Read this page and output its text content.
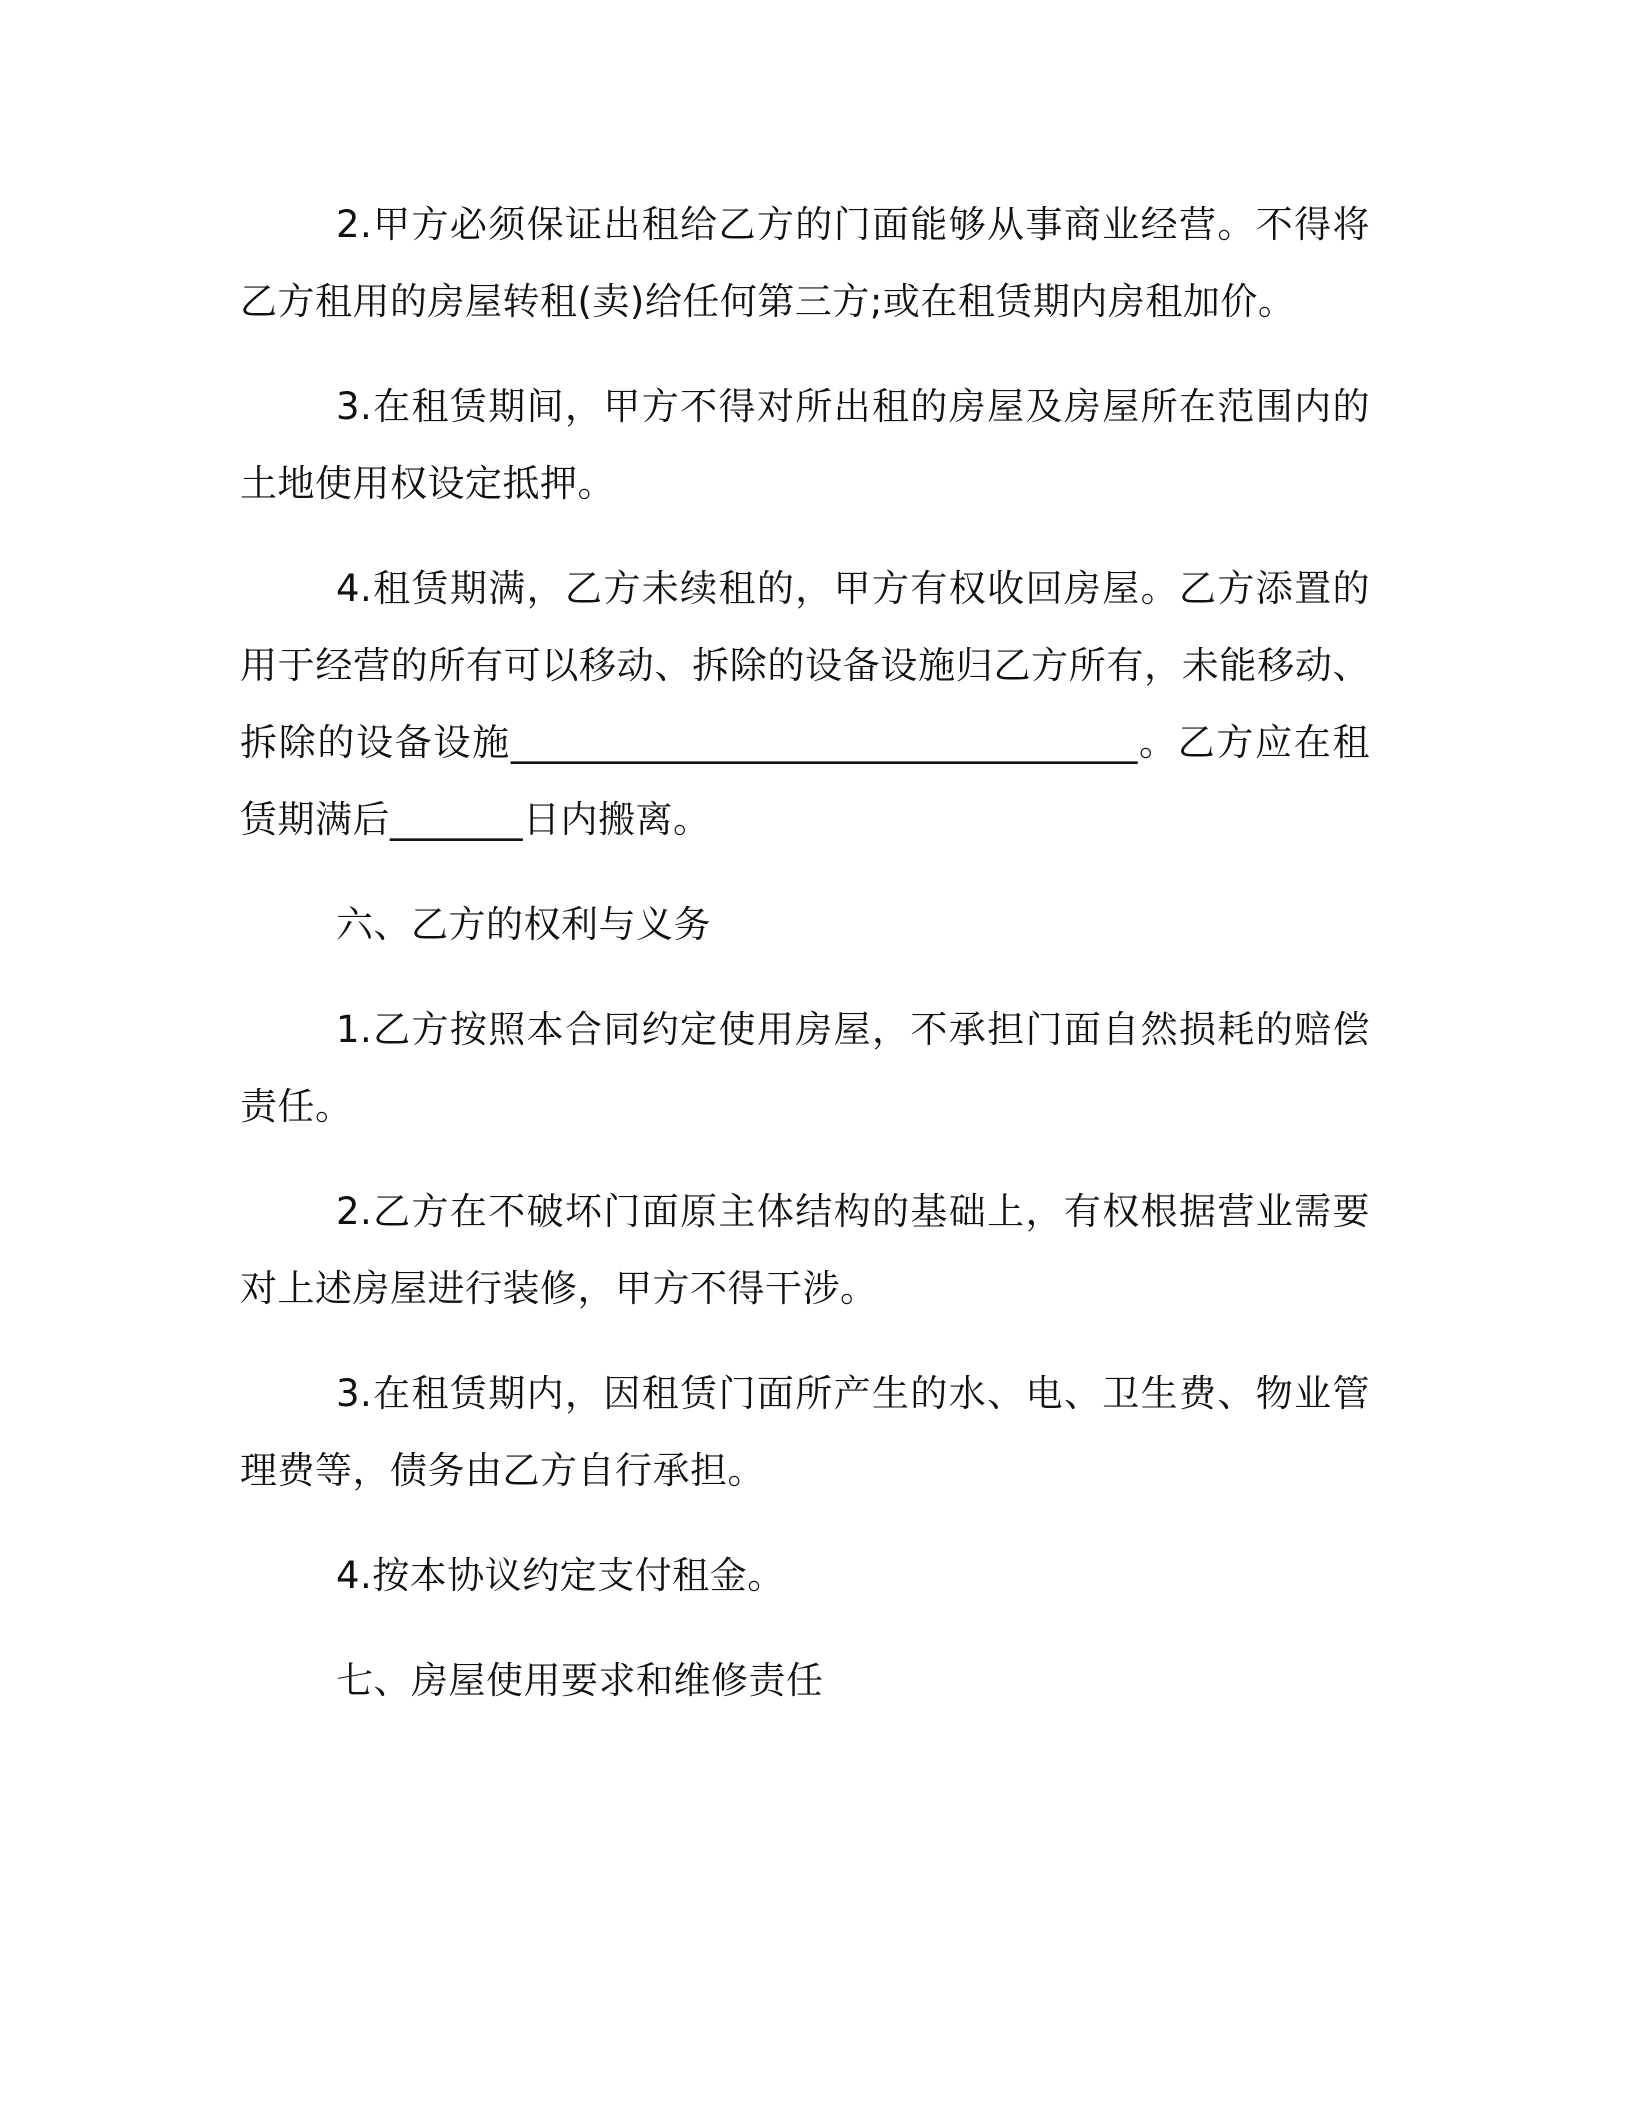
2.甲方必须保证出租给乙方的门面能够从事商业经营。不得将乙方租用的房屋转租(卖)给任何第三方;或在租赁期内房租加价。

3.在租赁期间，甲方不得对所出租的房屋及房屋所在范围内的土地使用权设定抵押。

4.租赁期满，乙方未续租的，甲方有权收回房屋。乙方添置的用于经营的所有可以移动、拆除的设备设施归乙方所有，未能移动、拆除的设备设施_________________________________。乙方应在租赁期满后_______日内搬离。

六、乙方的权利与义务

1.乙方按照本合同约定使用房屋，不承担门面自然损耗的赔偿责任。

2.乙方在不破坏门面原主体结构的基础上，有权根据营业需要对上述房屋进行装修，甲方不得干涉。

3.在租赁期内，因租赁门面所产生的水、电、卫生费、物业管理费等，债务由乙方自行承担。

4.按本协议约定支付租金。

七、房屋使用要求和维修责任
